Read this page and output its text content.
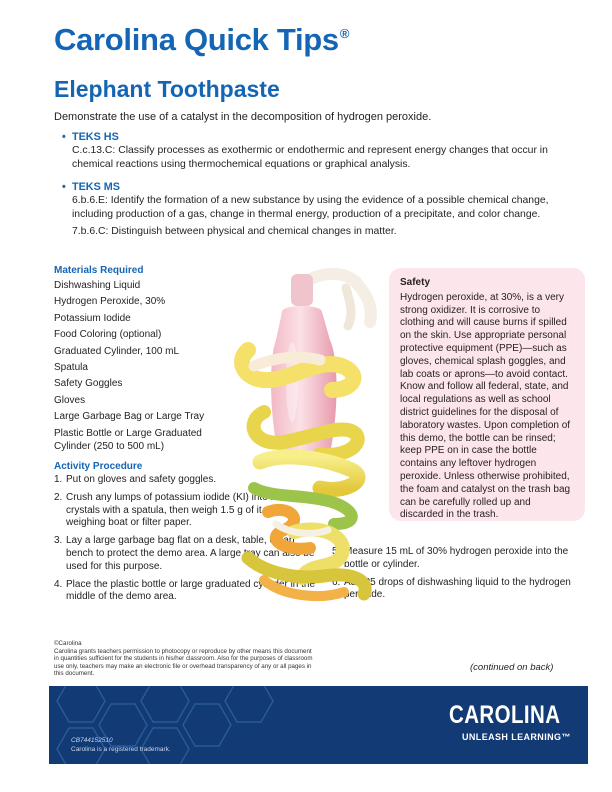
Carolina Quick Tips®
Elephant Toothpaste

Demonstrate the use of a catalyst in the decomposition of hydrogen peroxide.

• TEKS HS

C.c.13.C: Classify processes as exothermic or endothermic and represent energy changes that occur in chemical reactions using thermochemical equations or graphical analysis.

• TEKS MS

6.b.6.E: Identify the formation of a new substance by using the evidence of a possible chemical change, including production of a gas, change in thermal energy, production of a precipitate, and color change.

7.b.6.C: Distinguish between physical and chemical changes in matter.

Materials Required
Dishwashing Liquid
Hydrogen Peroxide, 30%
Potassium Iodide
Food Coloring (optional)
Graduated Cylinder, 100 mL
Spatula
Safety Goggles
Gloves
Large Garbage Bag or Large Tray
Plastic Bottle or Large Graduated Cylinder (250 to 500 mL)
Activity Procedure
1. Put on gloves and safety goggles.
2. Crush any lumps of potassium iodide (KI) into fine crystals with a spatula, then weigh 1.5 g of it onto a weighing boat or filter paper.
3. Lay a large garbage bag flat on a desk, table, or lab bench to protect the demo area. A large tray can also be used for this purpose.
4. Place the plastic bottle or large graduated cylinder in the middle of the demo area.
5. Measure 15 mL of 30% hydrogen peroxide into the bottle or cylinder.
6. Add 25 drops of dishwashing liquid to the hydrogen peroxide.
Safety
Hydrogen peroxide, at 30%, is a very strong oxidizer. It is corrosive to clothing and will cause burns if spilled on the skin. Use appropriate personal protective equipment (PPE)—such as gloves, chemical splash goggles, and lab coats or aprons—to avoid contact. Know and follow all federal, state, and local regulations as well as school district guidelines for the disposal of laboratory wastes. Upon completion of this demo, the bottle can be rinsed; keep PPE on in case the bottle contains any leftover hydrogen peroxide. Unless otherwise prohibited, the foam and catalyst on the trash bag can be carefully rolled up and discarded in the trash.
©Carolina
Carolina grants teachers permission to photocopy or reproduce by other means this document in quantities sufficient for the students in his/her classroom. Also for the purposes of classroom use only, teachers may make an electronic file or overhead transparency of any or all pages in this document.
(continued on back)
CB744152510
Carolina is a registered trademark.
CAROLINA
UNLEASH LEARNING™
